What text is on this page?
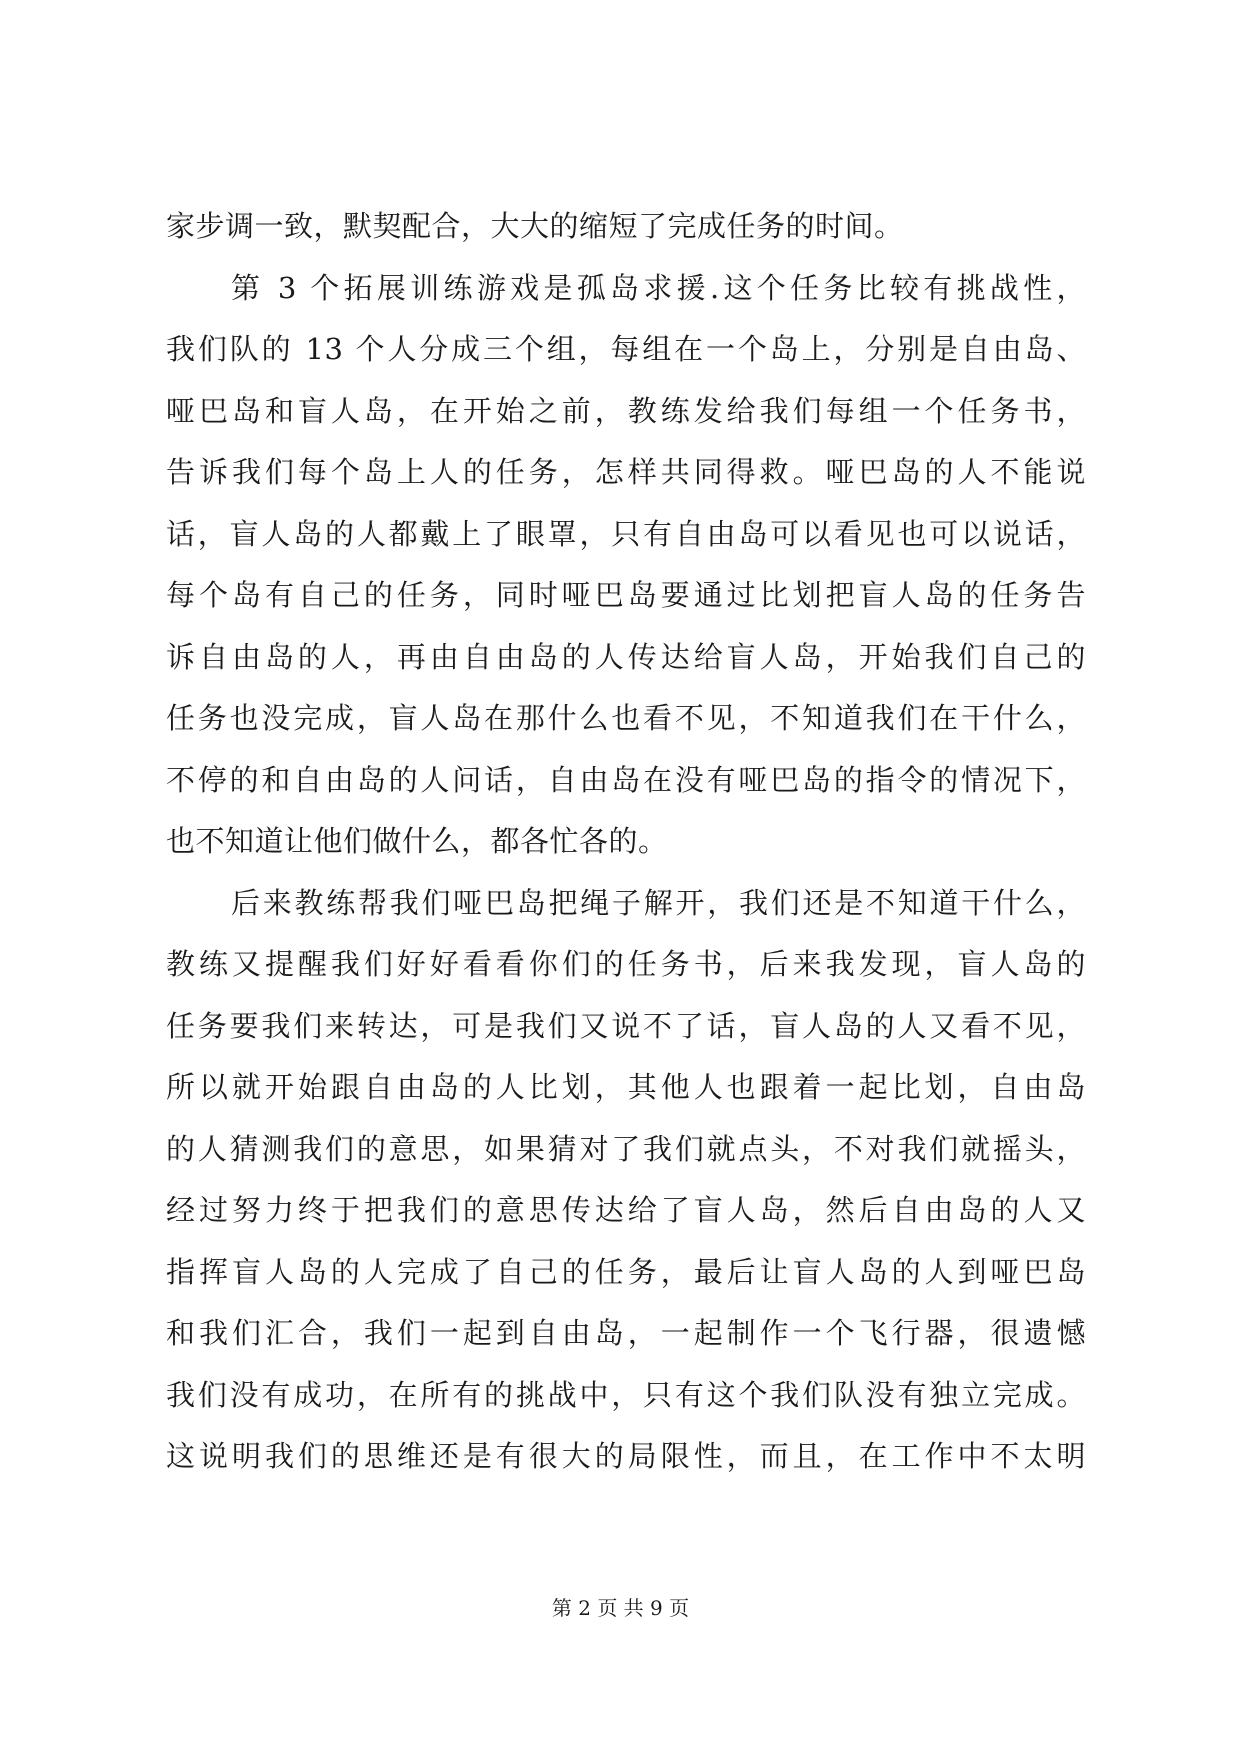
家步调一致，默契配合，大大的缩短了完成任务的时间。
第 3 个拓展训练游戏是孤岛求援.这个任务比较有挑战性，
我们队的 13 个人分成三个组，每组在一个岛上，分别是自由岛、
哑巴岛和盲人岛，在开始之前，教练发给我们每组一个任务书，
告诉我们每个岛上人的任务，怎样共同得救。哑巴岛的人不能说
话，盲人岛的人都戴上了眼罩，只有自由岛可以看见也可以说话，
每个岛有自己的任务，同时哑巴岛要通过比划把盲人岛的任务告
诉自由岛的人，再由自由岛的人传达给盲人岛，开始我们自己的
任务也没完成，盲人岛在那什么也看不见，不知道我们在干什么，
不停的和自由岛的人问话，自由岛在没有哑巴岛的指令的情况下，
也不知道让他们做什么，都各忙各的。
后来教练帮我们哑巴岛把绳子解开，我们还是不知道干什么，
教练又提醒我们好好看看你们的任务书，后来我发现，盲人岛的
任务要我们来转达，可是我们又说不了话，盲人岛的人又看不见，
所以就开始跟自由岛的人比划，其他人也跟着一起比划，自由岛
的人猜测我们的意思，如果猜对了我们就点头，不对我们就摇头，
经过努力终于把我们的意思传达给了盲人岛，然后自由岛的人又
指挥盲人岛的人完成了自己的任务，最后让盲人岛的人到哑巴岛
和我们汇合，我们一起到自由岛，一起制作一个飞行器，很遗憾
我们没有成功，在所有的挑战中，只有这个我们队没有独立完成。
这说明我们的思维还是有很大的局限性，而且，在工作中不太明
第 2 页 共 9 页
